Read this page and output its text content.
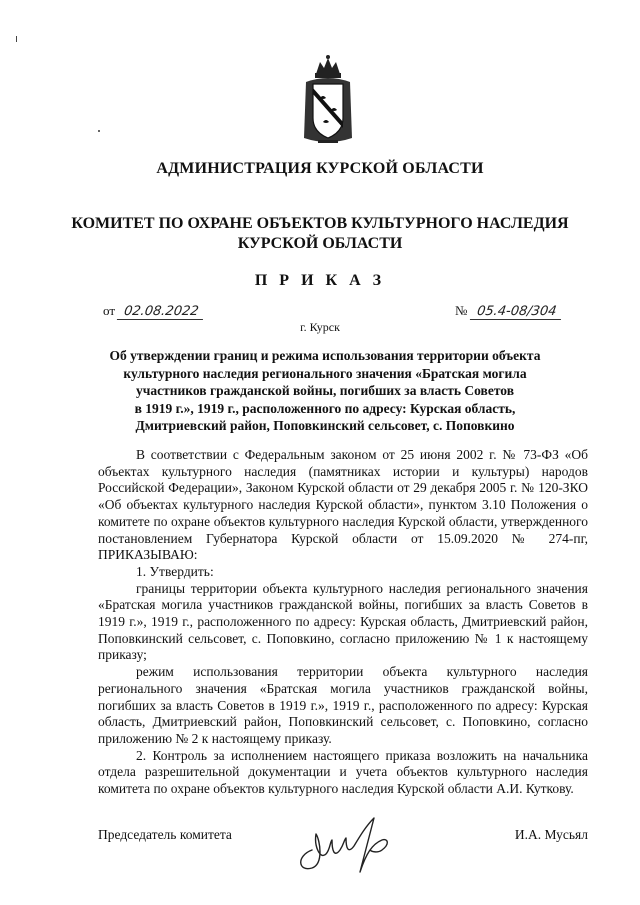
АДМИНИСТРАЦИЯ КУРСКОЙ ОБЛАСТИ
КОМИТЕТ ПО ОХРАНЕ ОБЪЕКТОВ КУЛЬТУРНОГО НАСЛЕДИЯ
КУРСКОЙ ОБЛАСТИ
П Р И К А З
от 02.08.2022	№ 05.4-08/304
г. Курск
Об утверждении границ и режима использования территории объекта
культурного наследия регионального значения «Братская могила
участников гражданской войны, погибших за власть Советов
в 1919 г.», 1919 г., расположенного по адресу: Курская область,
Дмитриевский район, Поповкинский сельсовет, с. Поповкино

В соответствии с Федеральным законом от 25 июня 2002 г. № 73-ФЗ «Об объектах культурного наследия (памятниках истории и культуры) народов Российской Федерации», Законом Курской области от 29 декабря 2005 г. № 120-ЗКО «Об объектах культурного наследия Курской области», пунктом 3.10 Положения о комитете по охране объектов культурного наследия Курской области, утвержденного постановлением Губернатора Курской области от 15.09.2020 № 274-пг, ПРИКАЗЫВАЮ:

1. Утвердить:

границы территории объекта культурного наследия регионального значения «Братская могила участников гражданской войны, погибших за власть Советов в 1919 г.», 1919 г., расположенного по адресу: Курская область, Дмитриевский район, Поповкинский сельсовет, с. Поповкино, согласно приложению № 1 к настоящему приказу;

режим использования территории объекта культурного наследия регионального значения «Братская могила участников гражданской войны, погибших за власть Советов в 1919 г.», 1919 г., расположенного по адресу: Курская область, Дмитриевский район, Поповкинский сельсовет, с. Поповкино, согласно приложению № 2 к настоящему приказу.

2. Контроль за исполнением настоящего приказа возложить на начальника отдела разрешительной документации и учета объектов культурного наследия комитета по охране объектов культурного наследия Курской области А.И. Куткову.

Председатель комитета	И.А. Мусьял
